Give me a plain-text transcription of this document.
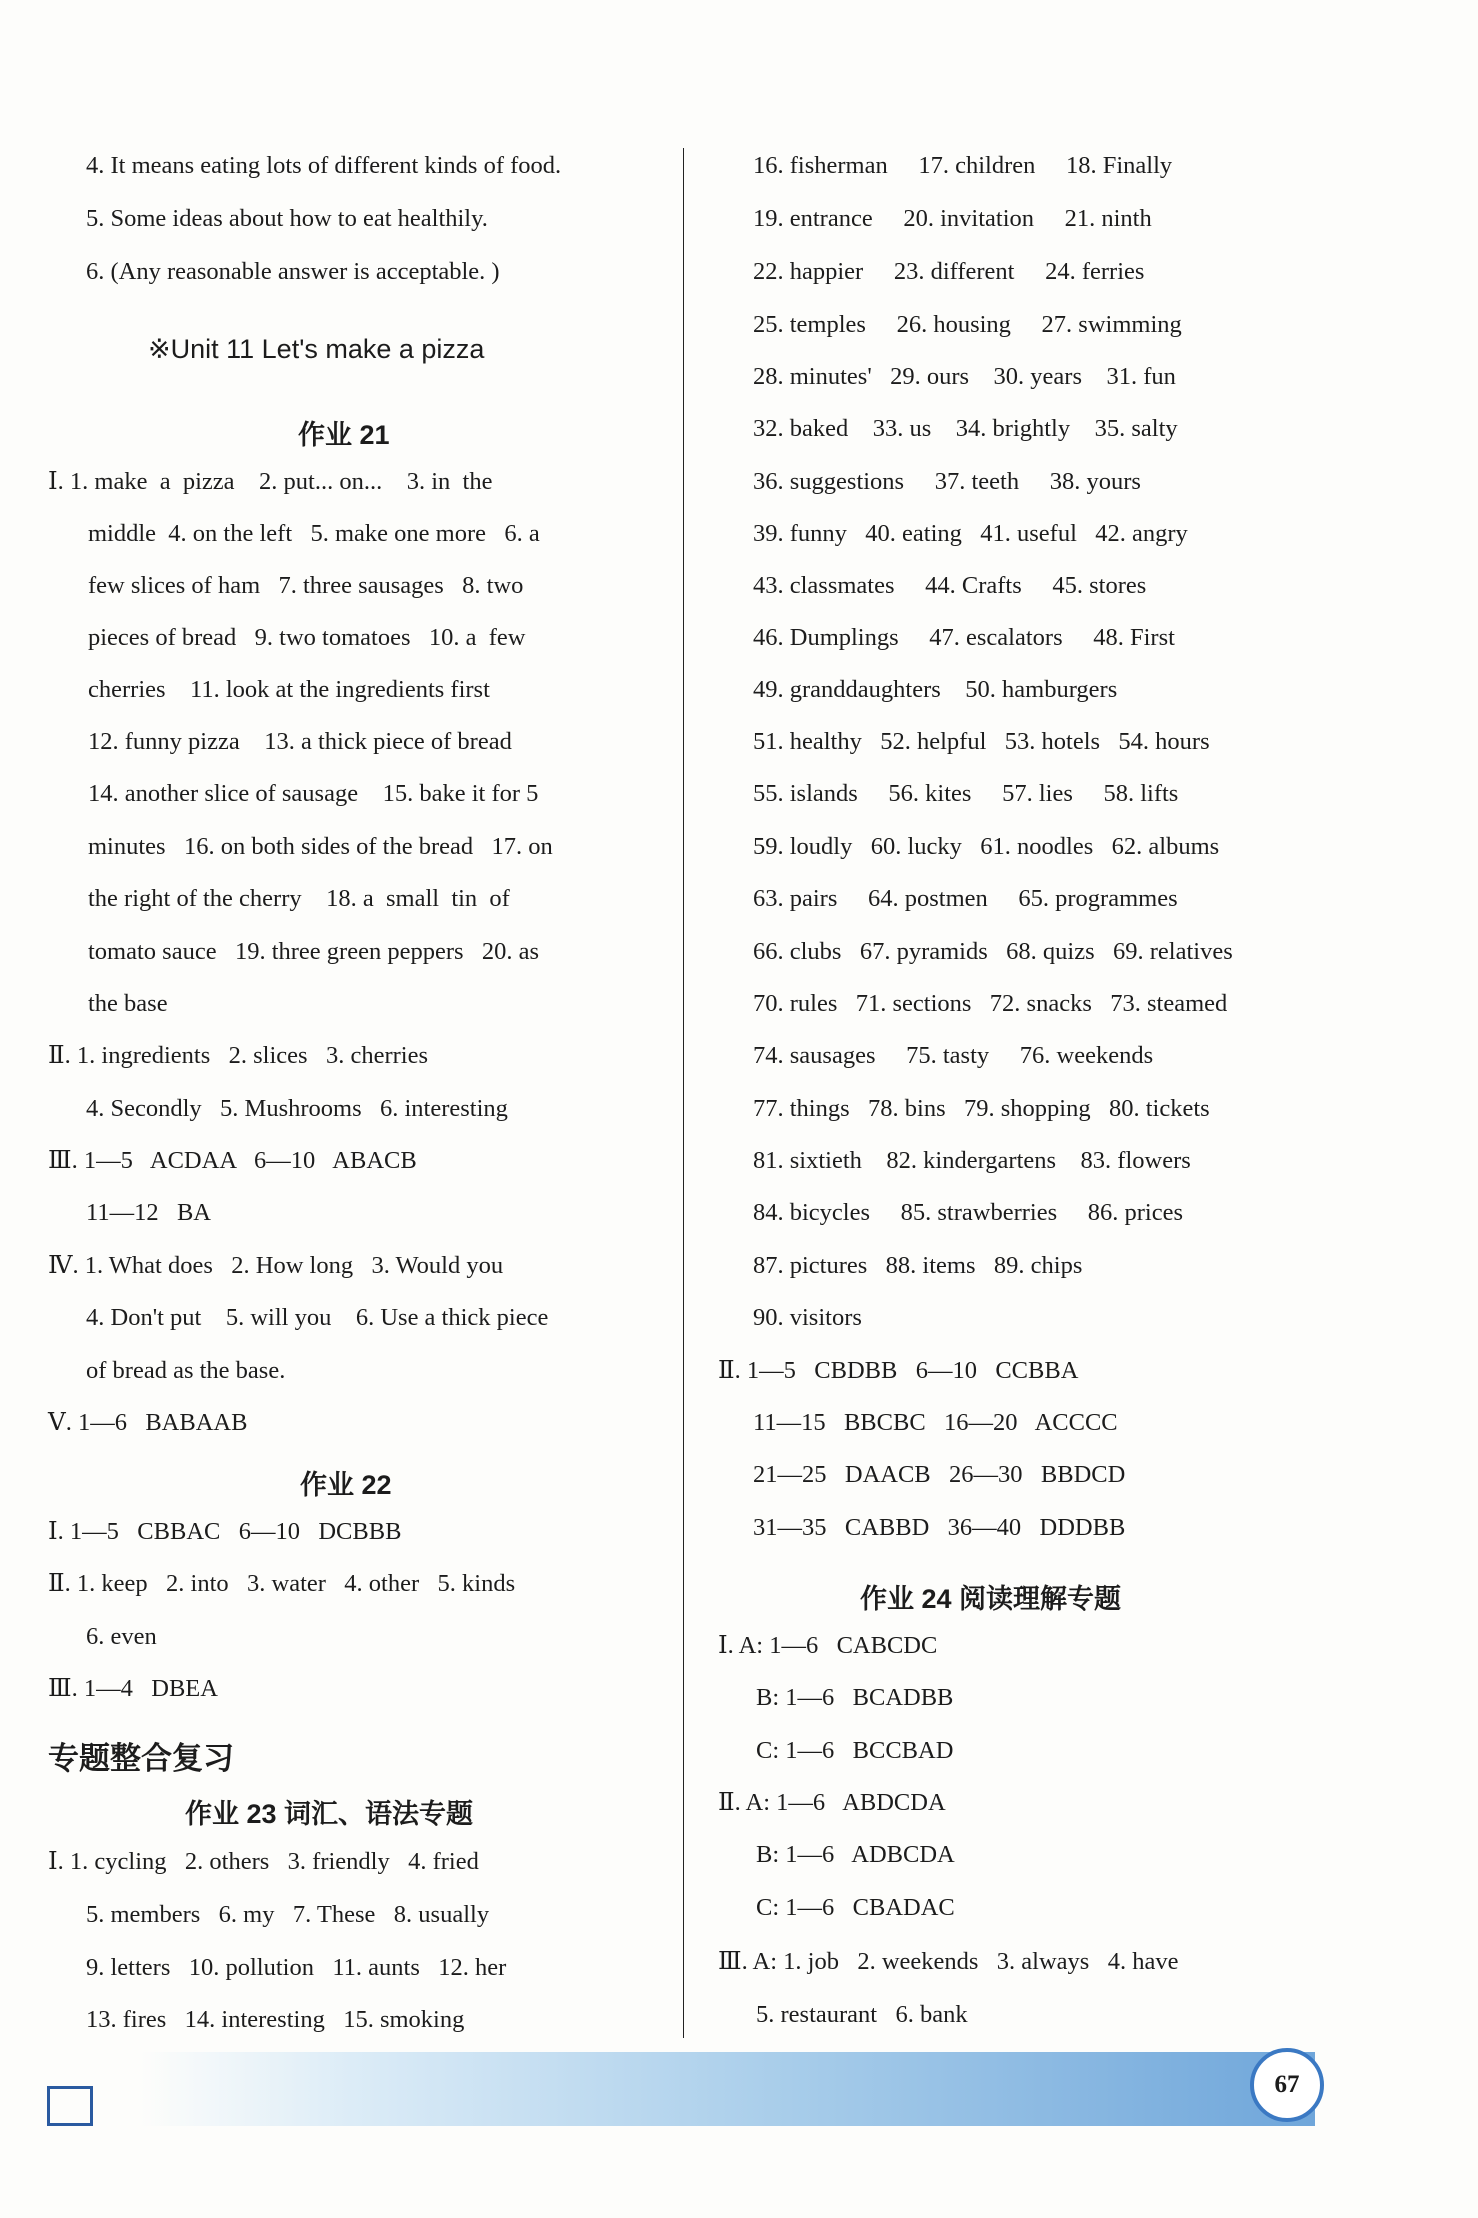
4. It means eating lots of different kinds of food.
5. Some ideas about how to eat healthily.
6. (Any reasonable answer is acceptable. )
※Unit 11 Let's make a pizza
作业 21
Ⅰ. 1. make  a  pizza    2. put... on...    3. in  the
middle  4. on the left   5. make one more   6. a
few slices of ham   7. three sausages   8. two
pieces of bread   9. two tomatoes   10. a  few
cherries    11. look at the ingredients first
12. funny pizza    13. a thick piece of bread
14. another slice of sausage    15. bake it for 5
minutes   16. on both sides of the bread   17. on
the right of the cherry    18. a  small  tin  of
tomato sauce   19. three green peppers   20. as
the base
Ⅱ. 1. ingredients   2. slices   3. cherries
4. Secondly   5. Mushrooms   6. interesting
Ⅲ. 1—5   ACDAA   6—10   ABACB
11—12   BA
Ⅳ. 1. What does   2. How long   3. Would you
4. Don't put    5. will you    6. Use a thick piece
of bread as the base.
Ⅴ. 1—6   BABAAB
作业 22
Ⅰ. 1—5   CBBAC   6—10   DCBBB
Ⅱ. 1. keep   2. into   3. water   4. other   5. kinds
6. even
Ⅲ. 1—4   DBEA
专题整合复习
作业 23 词汇、语法专题
Ⅰ. 1. cycling   2. others   3. friendly   4. fried
5. members   6. my   7. These   8. usually
9. letters   10. pollution   11. aunts   12. her
13. fires   14. interesting   15. smoking
16. fisherman     17. children     18. Finally
19. entrance     20. invitation     21. ninth
22. happier     23. different     24. ferries
25. temples     26. housing     27. swimming
28. minutes'   29. ours    30. years    31. fun
32. baked    33. us    34. brightly    35. salty
36. suggestions     37. teeth     38. yours
39. funny   40. eating   41. useful   42. angry
43. classmates     44. Crafts     45. stores
46. Dumplings     47. escalators     48. First
49. granddaughters    50. hamburgers
51. healthy   52. helpful   53. hotels   54. hours
55. islands     56. kites     57. lies     58. lifts
59. loudly   60. lucky   61. noodles   62. albums
63. pairs     64. postmen     65. programmes
66. clubs   67. pyramids   68. quizs   69. relatives
70. rules   71. sections   72. snacks   73. steamed
74. sausages     75. tasty     76. weekends
77. things   78. bins   79. shopping   80. tickets
81. sixtieth    82. kindergartens    83. flowers
84. bicycles     85. strawberries     86. prices
87. pictures   88. items   89. chips
90. visitors
Ⅱ. 1—5   CBDBB   6—10   CCBBA
11—15   BBCBC   16—20   ACCCC
21—25   DAACB   26—30   BBDCD
31—35   CABBD   36—40   DDDBB
作业 24 阅读理解专题
Ⅰ. A: 1—6   CABCDC
B: 1—6   BCADBB
C: 1—6   BCCBAD
Ⅱ. A: 1—6   ABDCDA
B: 1—6   ADBCDA
C: 1—6   CBADAC
Ⅲ. A: 1. job   2. weekends   3. always   4. have
5. restaurant   6. bank
67
